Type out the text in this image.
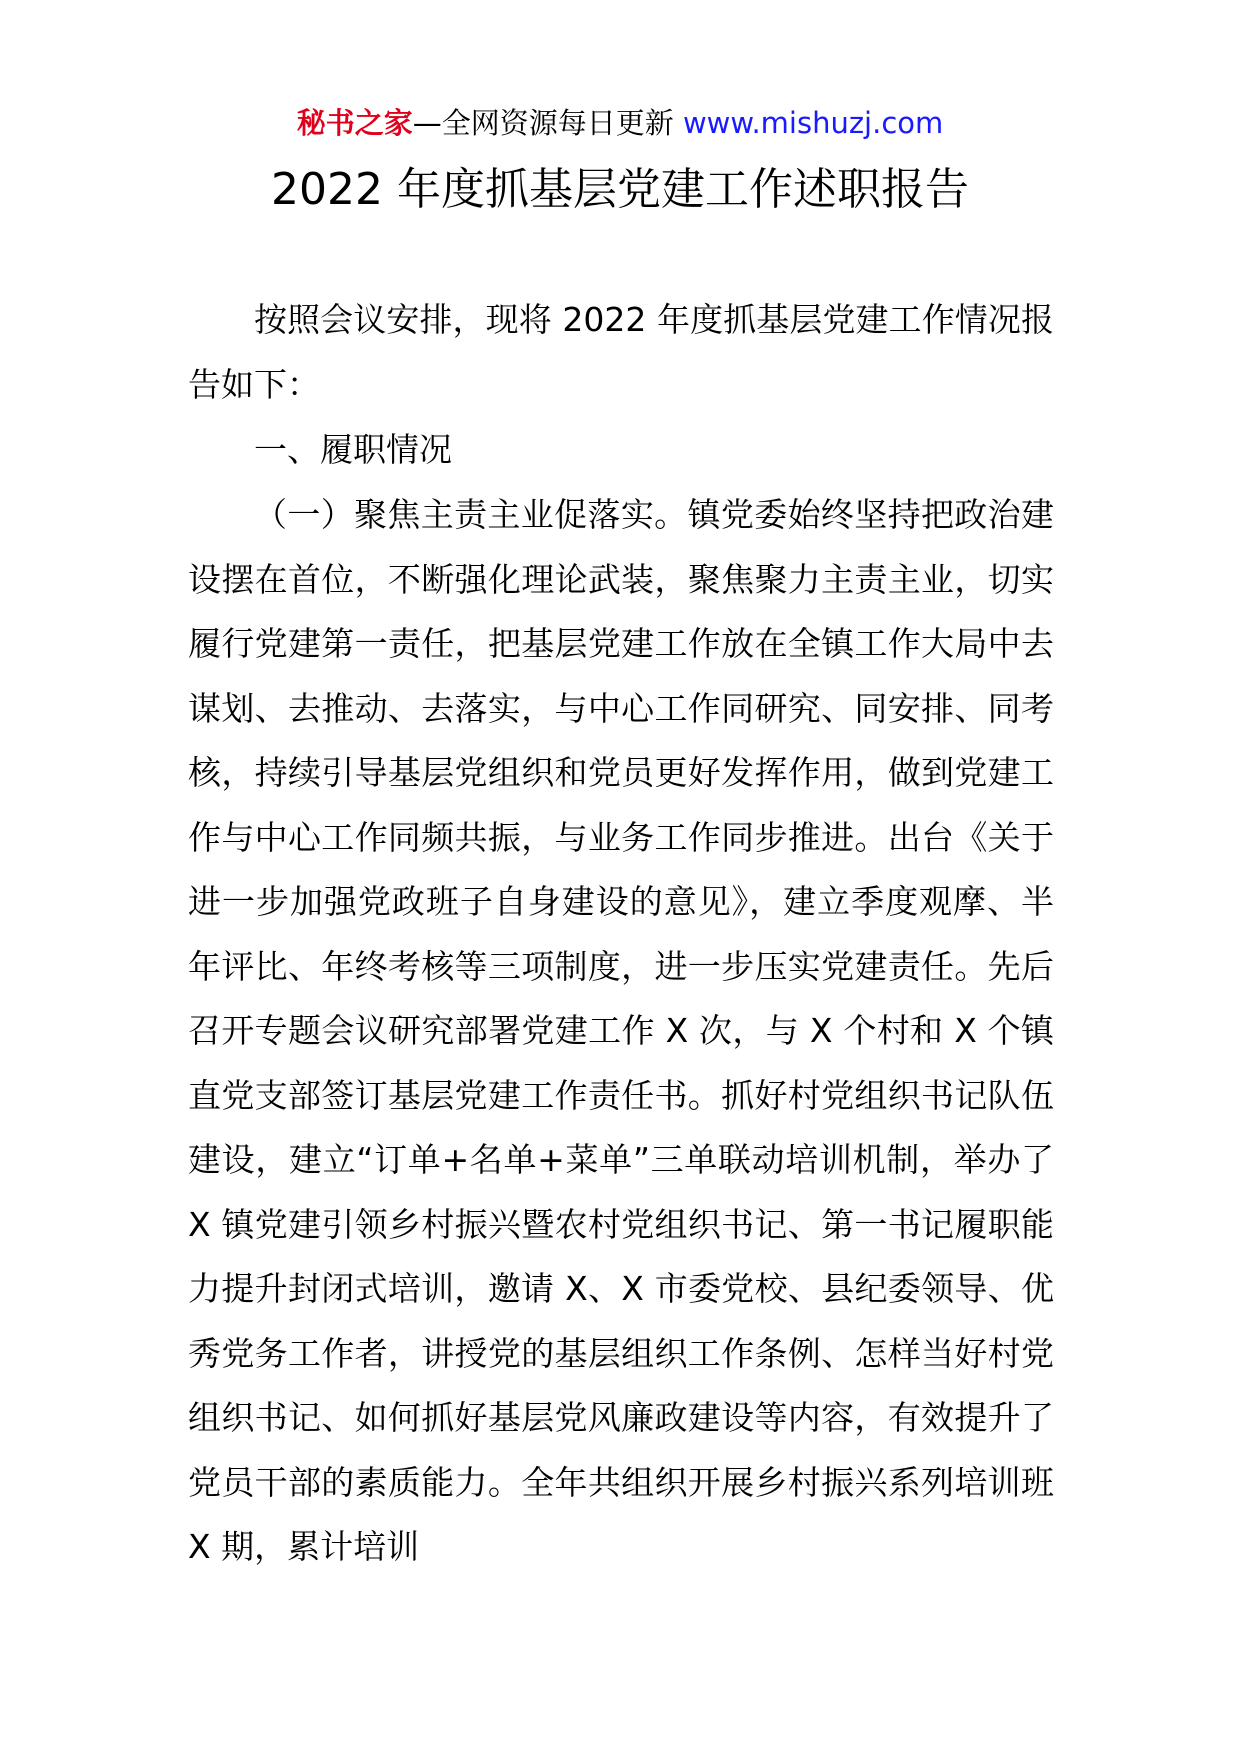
秘书之家—全网资源每日更新 www.mishuzj.com
2022 年度抓基层党建工作述职报告

按照会议安排，现将 2022 年度抓基层党建工作情况报告如下：

一、履职情况

（一）聚焦主责主业促落实。镇党委始终坚持把政治建设摆在首位，不断强化理论武装，聚焦聚力主责主业，切实履行党建第一责任，把基层党建工作放在全镇工作大局中去谋划、去推动、去落实，与中心工作同研究、同安排、同考核，持续引导基层党组织和党员更好发挥作用，做到党建工作与中心工作同频共振，与业务工作同步推进。出台《关于进一步加强党政班子自身建设的意见》，建立季度观摩、半年评比、年终考核等三项制度，进一步压实党建责任。先后召开专题会议研究部署党建工作 X 次，与 X 个村和 X 个镇直党支部签订基层党建工作责任书。抓好村党组织书记队伍建设，建立“订单+名单+菜单”三单联动培训机制，举办了 X 镇党建引领乡村振兴暨农村党组织书记、第一书记履职能力提升封闭式培训，邀请 X、X 市委党校、县纪委领导、优秀党务工作者，讲授党的基层组织工作条例、怎样当好村党组织书记、如何抓好基层党风廉政建设等内容，有效提升了党员干部的素质能力。全年共组织开展乡村振兴系列培训班 X 期，累计培训
